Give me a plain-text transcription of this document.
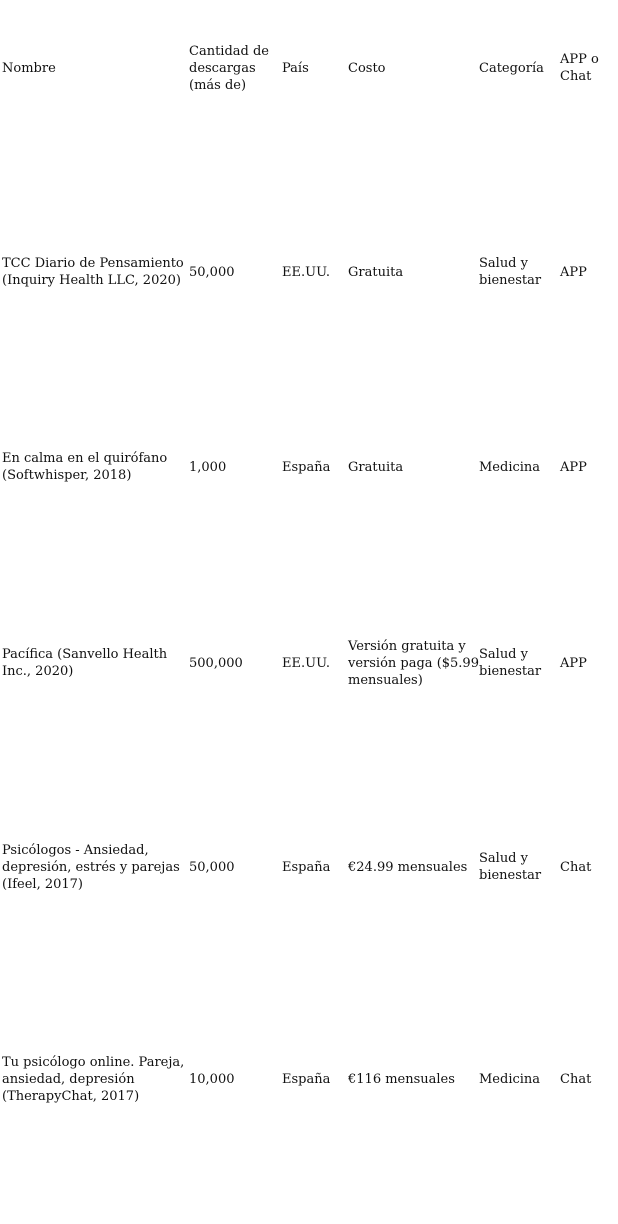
Nombre	Cantidad de descargas (más de)	País	Costo	Categoría	APP o Chat
TCC Diario de Pensamiento (Inquiry Health LLC, 2020)	50,000	EE.UU.	Gratuita	Salud y bienestar	APP
En calma en el quirófano (Softwhisper, 2018)	1,000	España	Gratuita	Medicina	APP
Pacífica (Sanvello Health Inc., 2020)	500,000	EE.UU.	Versión gratuita y versión paga ($5.99 mensuales)	Salud y bienestar	APP
Psicólogos - Ansiedad, depresión, estrés y parejas (Ifeel, 2017)	50,000	España	€24.99 mensuales	Salud y bienestar	Chat
Tu psicólogo online. Pareja, ansiedad, depresión (TherapyChat, 2017)	10,000	España	€116 mensuales	Medicina	Chat
